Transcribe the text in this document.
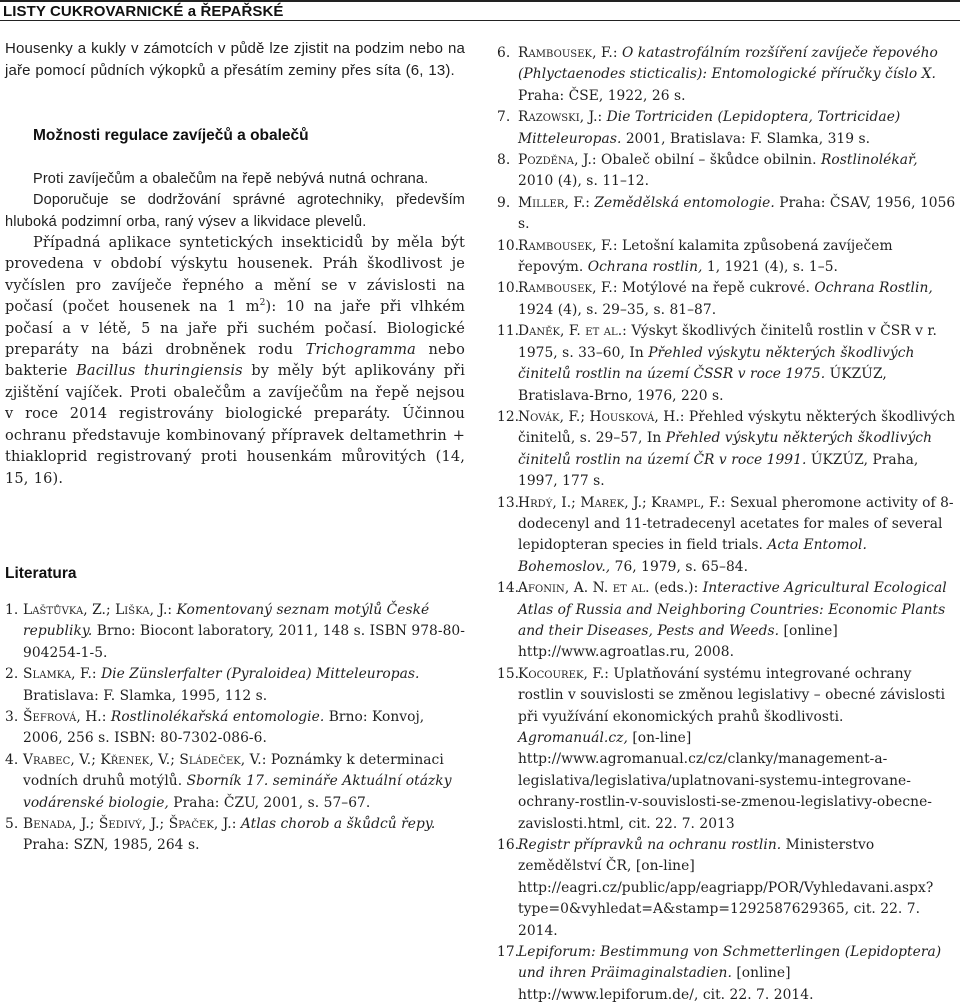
LISTY CUKROVARNICKÉ a ŘEPAŘSKÉ

Housenky a kukly v zámotcích v půdě lze zjistit na podzim nebo na jaře pomocí půdních výkopků a přesátím zeminy přes síta (6, 13).

Možnosti regulace zavíječů a obalečů

Proti zavíječům a obalečům na řepě nebývá nutná ochrana.

Doporučuje se dodržování správné agrotechniky, především hluboká podzimní orba, raný výsev a likvidace plevelů.

Případná aplikace syntetických insekticidů by měla být provedena v období výskytu housenek. Práh škodlivost je vyčíslen pro zavíječe řepného a mění se v závislosti na počasí (počet housenek na 1 $m^2$): 10 na jaře při vlhkém počasí a v létě, 5 na jaře při suchém počasí. Biologické preparáty na bázi drobněnek rodu Trichogramma nebo bakterie Bacillus thuringiensis by měly být aplikovány při zjištění vajíček. Proti obalečům a zavíječům na řepě nejsou v roce 2014 registrovány biologické preparáty. Účinnou ochranu představuje kombinovaný přípravek deltamethrin + thiakloprid registrovaný proti housenkám můrovitých (14, 15, 16).

Literatura

1. Laštůvka, Z.; Liška, J.: Komentovaný seznam motýlů České republiky. Brno: Biocont laboratory, 2011, 148 s. ISBN 978-80-904254-1-5.
2. Slamka, F.: Die Zünslerfalter (Pyraloidea) Mitteleuropas. Bratislava: F. Slamka, 1995, 112 s.
3. Šefrová, H.: Rostlinolékařská entomologie. Brno: Konvoj, 2006, 256 s. ISBN: 80-7302-086-6.
4. Vrabec, V.; Křenek, V.; Sládeček, V.: Poznámky k determinaci vodních druhů motýlů. Sborník 17. semináře Aktuální otázky vodárenské biologie, Praha: ČZU, 2001, s. 57–67.
5. Benada, J.; Šedivý, J.; Špaček, J.: Atlas chorob a škůdců řepy. Praha: SZN, 1985, 264 s.
6. Rambousek, F.: O katastrofálním rozšíření zavíječe řepového (Phlyctaenodes sticticalis): Entomologické příručky číslo X. Praha: ČSE, 1922, 26 s.
7. Razowski, J.: Die Tortriciden (Lepidoptera, Tortricidae) Mitteleuropas. 2001, Bratislava: F. Slamka, 319 s.
8. Pozděna, J.: Obaleč obilní – škůdce obilnin. Rostlinolékař, 2010 (4), s. 11–12.
9. Miller, F.: Zemědělská entomologie. Praha: ČSAV, 1956, 1056 s.
10.
Rambousek, F.: Letošní kalamita způsobená zavíječem řepovým. Ochrana rostlin, 1, 1921 (4), s. 1–5.
10.
Rambousek, F.: Motýlové na řepě cukrové. Ochrana Rostlin, 1924 (4), s. 29–35, s. 81–87.
11.
Daněk, F. et al.: Výskyt škodlivých činitelů rostlin v ČSR v r. 1975, s. 33–60, In Přehled výskytu některých škodlivých činitelů rostlin na území ČSSR v roce 1975. ÚKZÚZ, Bratislava-Brno, 1976, 220 s.
12.
Novák, F.; Housková, H.: Přehled výskytu některých škodlivých činitelů, s. 29–57, In Přehled výskytu některých škodlivých činitelů rostlin na území ČR v roce 1991. ÚKZÚZ, Praha, 1997, 177 s.
13.
Hrdý, I.; Marek, J.; Krampl, F.: Sexual pheromone activity of 8-dodecenyl and 11-tetradecenyl acetates for males of several lepidopteran species in field trials. Acta Entomol. Bohemoslov., 76, 1979, s. 65–84.
14.
Afonin, A. N. et al. (eds.): Interactive Agricultural Ecological Atlas of Russia and Neighboring Countries: Economic Plants and their Diseases, Pests and Weeds. [online] http://www.agroatlas.ru, 2008.
15.
Kocourek, F.: Uplatňování systému integrované ochrany rostlin v souvislosti se změnou legislativy – obecné závislosti při využívání ekonomických prahů škodlivosti. Agromanuál.cz, [on-line] http://www.agromanual.cz/cz/clanky/management-a-legislativa/legislativa/uplatnovani-systemu-integrovane-ochrany-rostlin-v-souvislosti-se-zmenou-legislativy-obecne-zavislosti.html, cit. 22. 7. 2013
16.
Registr přípravků na ochranu rostlin. Ministerstvo zemědělství ČR, [on-line] http://eagri.cz/public/app/eagriapp/POR/Vyhledavani.aspx?type=0&vyhledat=A&stamp=1292587629365, cit. 22. 7. 2014.
17.
Lepiforum: Bestimmung von Schmetterlingen (Lepidoptera) und ihren Präimaginalstadien. [online] http://www.lepiforum.de/, cit. 22. 7. 2014.
